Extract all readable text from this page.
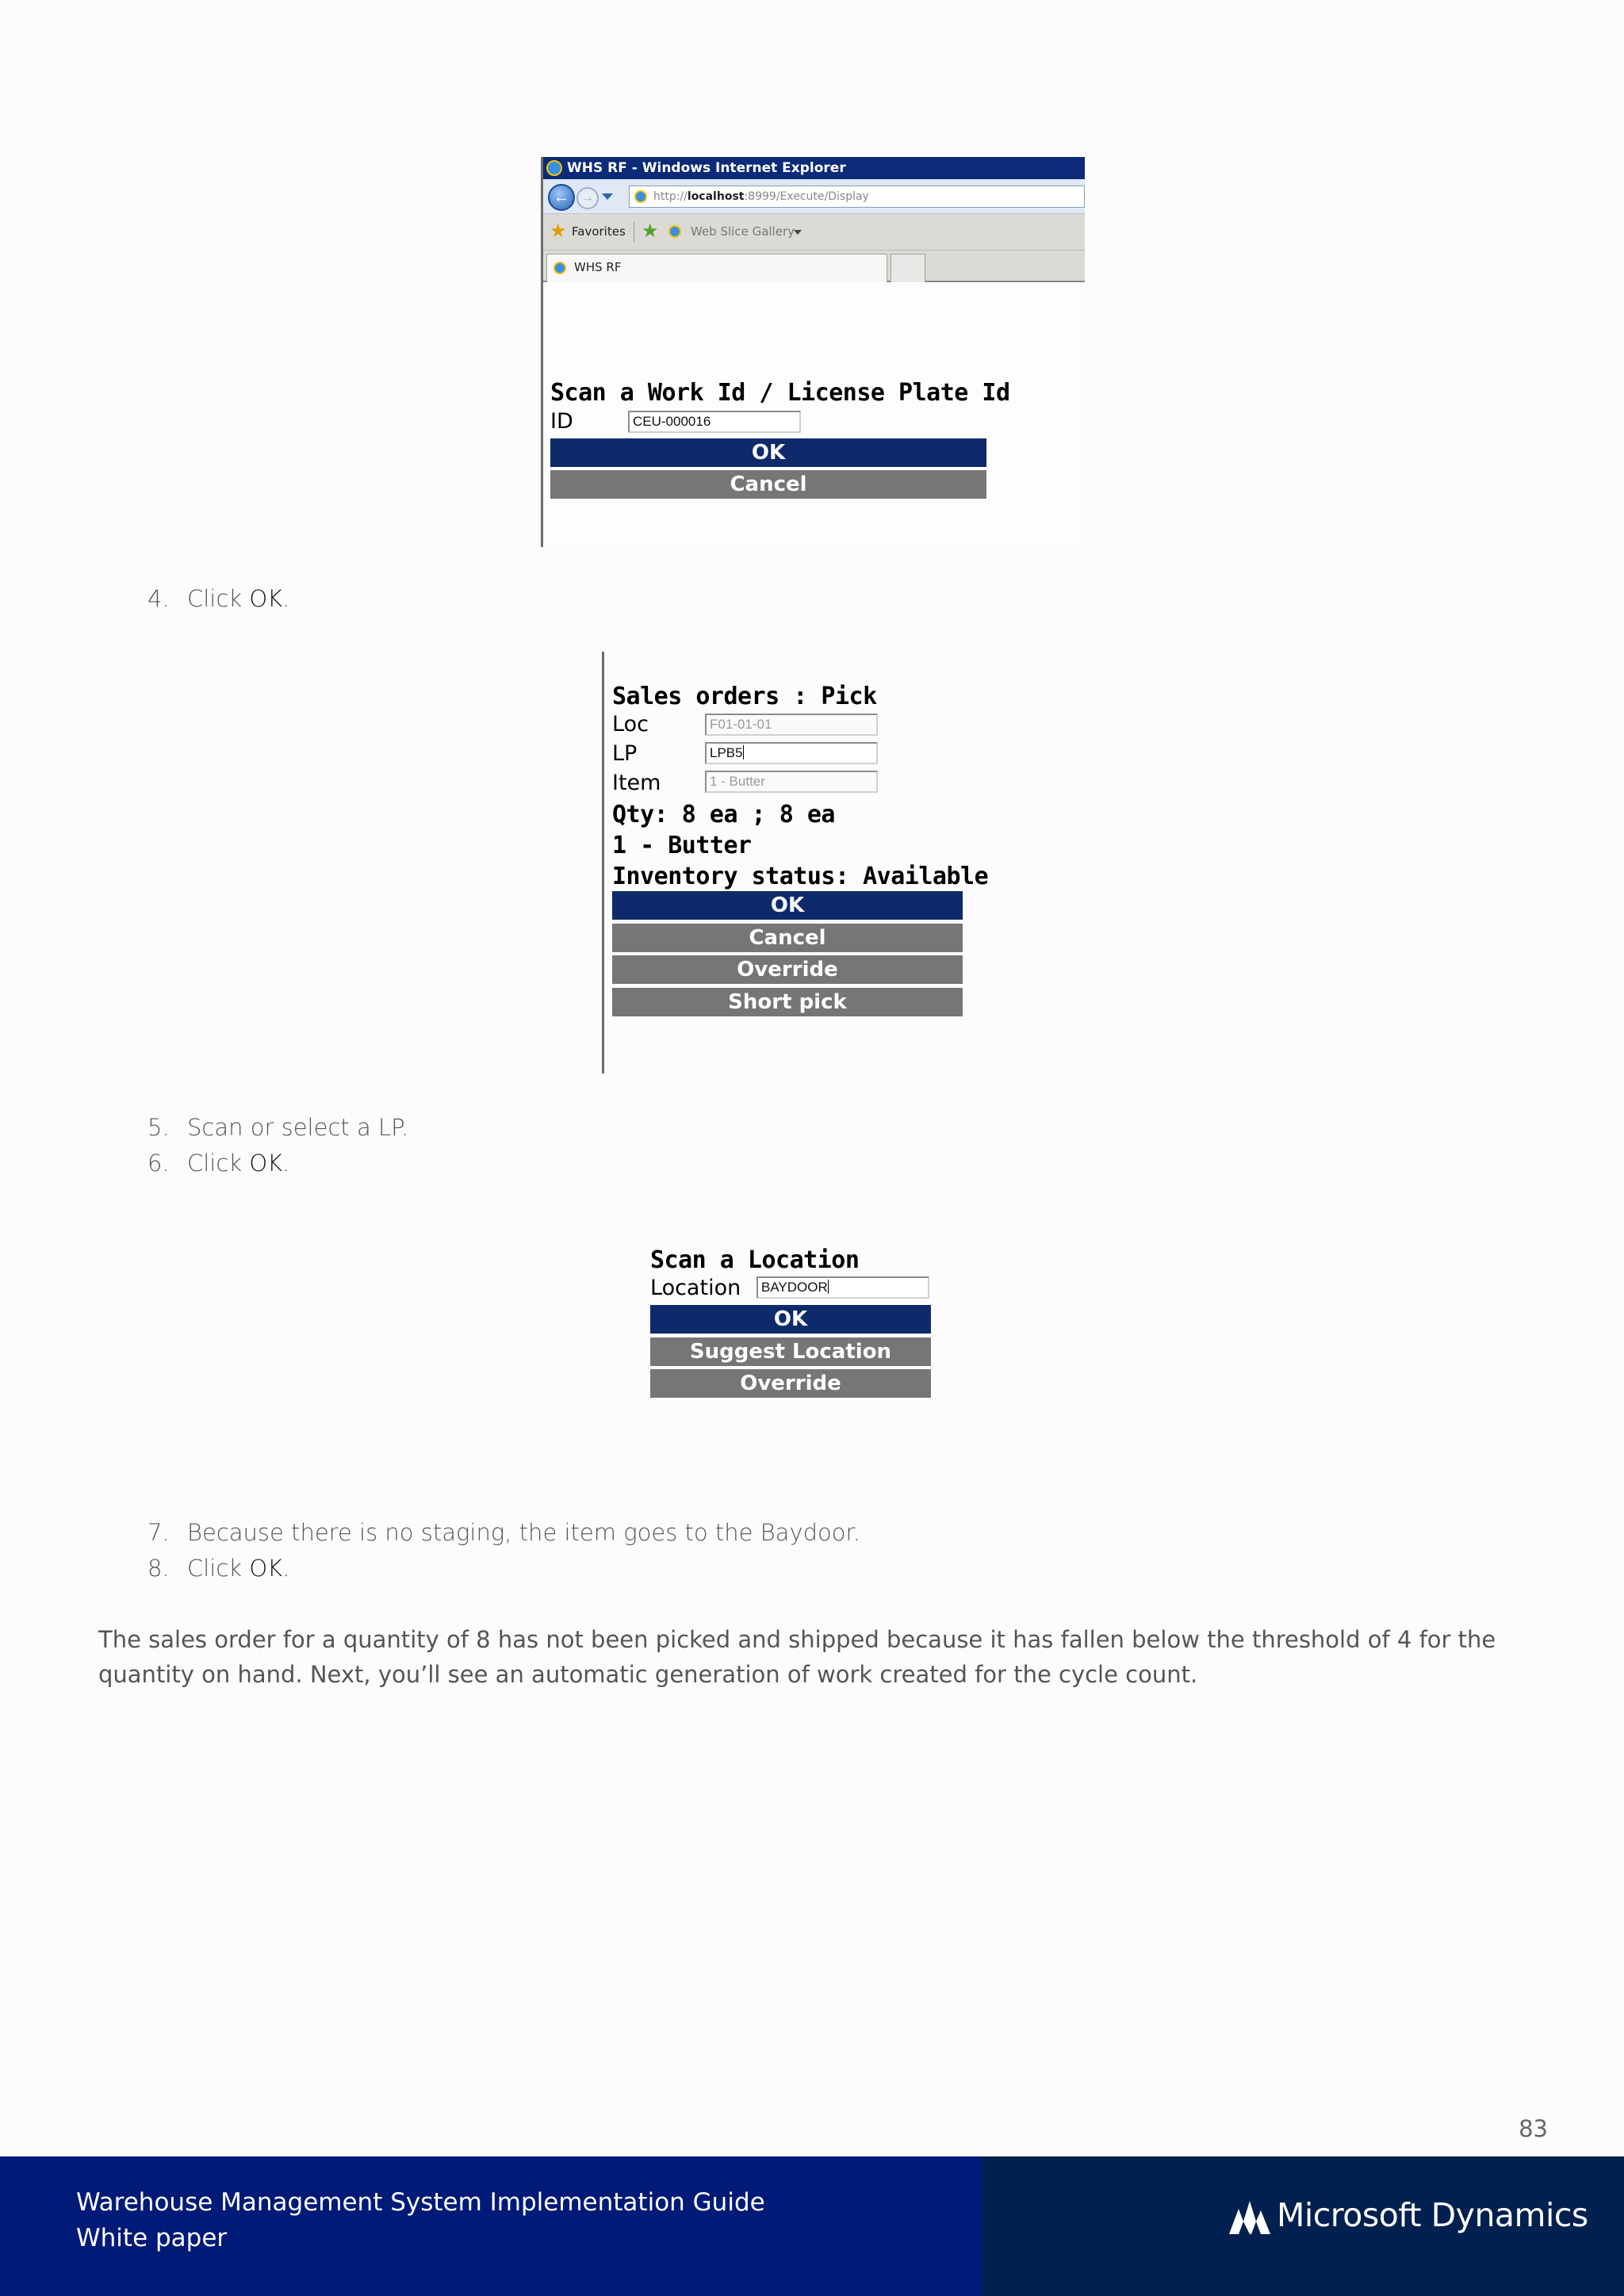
WHS RF - Windows Internet Explorer
← →	http://localhost:8999/Execute/Display
★ Favorites ★	Web Slice Gallery
WHS RF
Scan a Work Id / License Plate Id
ID	CEU-000016
OK
Cancel
4. Click OK.
Sales orders : Pick
Loc	F01-01-01
LP	LPB5
Item	1 - Butter
Qty: 8 ea ; 8 ea
1 - Butter
Inventory status: Available
OK
Cancel
Override
Short pick
5. Scan or select a LP.
6. Click OK.
Scan a Location
Location	BAYDOOR
OK
Suggest Location
Override
7. Because there is no staging, the item goes to the Baydoor.
8. Click OK.
The sales order for a quantity of 8 has not been picked and shipped because it has fallen below the threshold of 4 for the quantity on hand. Next, you’ll see an automatic generation of work created for the cycle count.
83
Warehouse Management System Implementation Guide
White paper
Microsoft Dynamics
